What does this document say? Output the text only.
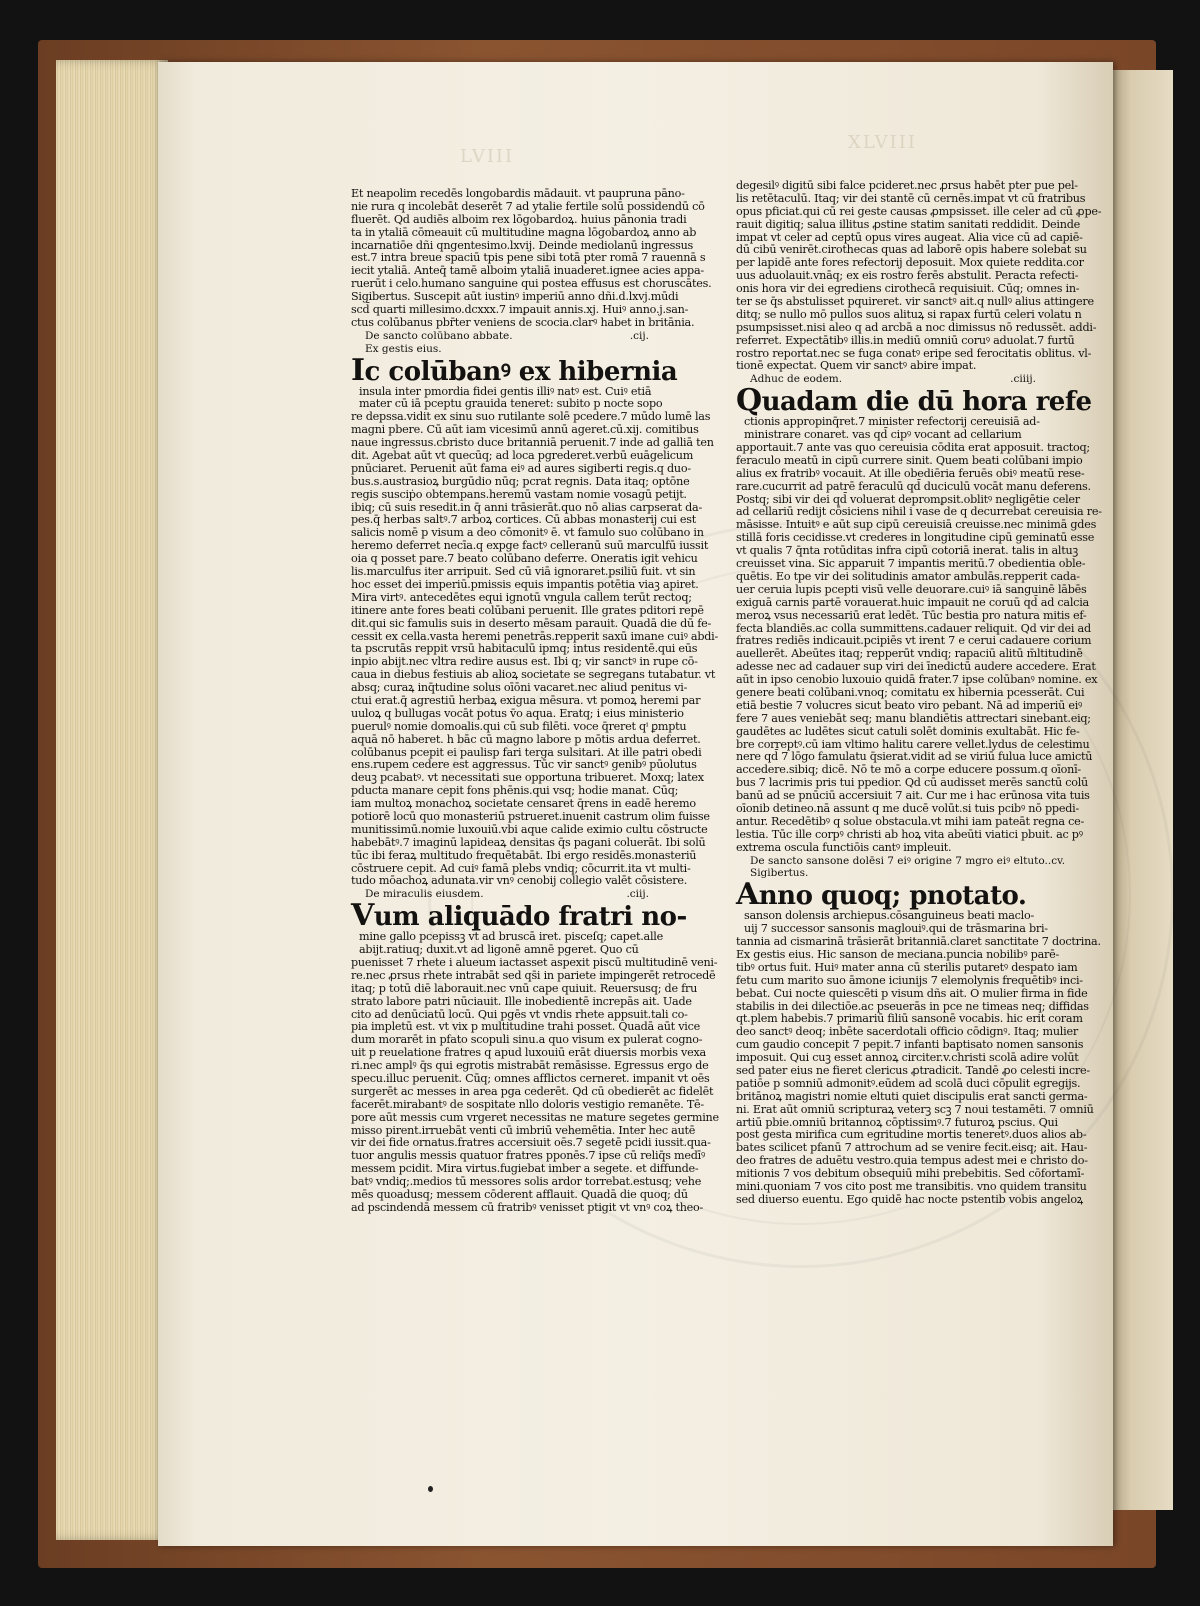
LVIII
XLVIII
Et neapolim recedēs longobardis mādauit. vt paupruna pāno-
nie rura q incolebāt deserēt 7 ad ytalie fertile solū possidendū cō
fluerēt. Qd audiēs alboim rex lōgobardoꝝ. huius pānonia tradi
ta in ytaliā cōmeauit cū multitudine magna lōgobardoꝝ anno ab
incarnatiōe dñi qngentesimo.lxvij. Deinde mediolanū ingressus
est.7 intra breue spaciū tpis pene sibi totā pter romā 7 rauennā s
iecit ytaliā. Anteq̄ tamē alboim ytaliā inuaderet.ignee acies appa-
ruerūt i celo.humano sanguine qui postea effusus est choruscātes.
Sigibertus. Suscepit aūt iustinꝰ imperiū anno dñi.d.lxvj.mūdi
scd̄ quarti millesimo.dcxxx.7 imꝑauit annis.xj. Huiꝰ anno.j.san-
ctus colūbanus pbr̄ter veniens de scocia.clarꝰ habet in britānia.
De sancto colūbano abbate.	.cij.
Ex gestis eius.
Ic colūbanꝰ ex hibernia
insula inter pmordia fidei gentis illiꝰ natꝰ est. Cuiꝰ etiā
mater cū iā pceptu grauida teneret: subito p nocte sopo
re depssa.vidit ex sinu suo rutilante solē pcedere.7 mūdo lumē las
magni pbere. Cū aūt iam vicesimū annū ageret.cū.xij. comitibus
naue ingressus.cbristo duce britanniā peruenit.7 inde ad galliā ten
dit. Agebat aūt vt quecūq; ad loca pgrederet.verbū euāgelicum
pnūciaret. Peruenit aūt fama eiꝰ ad aures sigiberti regis.q duo-
bus.s.austrasioꝝ burgūdio nūq; pcrat regnis. Data itaq; optōne
regis susciṗo obtempans.heremū vastam nomie vosagū petijt.
ibiq; cū suis resedit.in q̄ anni trāsierāt.quo nō alias carpserat da-
pes.q̄ herbas saltꝰ.7 arboꝝ cortices. Cū abbas monasterij cui est
salicis nomē p visum a deo cōmonitꝰ ē. vt famulo suo colūbano in
heremo deferret necīa.q expge factꝰ celleranū suū marculfū iussit
oia q posset pare.7 beato colūbano deferre. Oneratis igit vehicu
lis.marculfus iter arripuit. Sed cū viā ignoraret.psiliū fuit. vt sin
hoc esset dei imperiū.pmissis equis impantis potētia viaꝫ apiret.
Mira virtꝰ. antecedētes equi ignotū vngula callem terūt rectoq;
itinere ante fores beati colūbani peruenit. Ille grates pditori repē
dit.qui sic famulis suis in deserto mēsam parauit. Quadā die dū fe-
cessit ex cella.vasta heremi penetrās.repperit saxū imane cuiꝰ abdi-
ta pscrutās reppit vrsū habitaculū ipmq; intus residentē.qui eūs
inpio abijt.nec vltra redire ausus est. Ibi q; vir sanctꝰ in rupe cō-
caua in diebus festiuis ab alioꝝ societate se segregans tutabatur. vt
absq; curaꝝ inq̄tudine solus oīōni vacaret.nec aliud penitus vi-
ctui erat.q̄ agrestiū herbaꝝ exigua mēsura. vt pomoꝝ heremi par
uuloꝝ q bullugas vocāt potus v̄o aqua. Eratq; i eius ministerio
puerulꝰ nomie domoalis.qui cū sub filēti. voce q̄reret qⁱ ꝑmptu
aquā nō haberet. h bāc cū magno labore p mōtis ardua deferret.
colūbanus pcepit ei paulisp fari terga sulsitari. At ille patri obedi
ens.rupem cedere est aggressus. Tūc vir sanctꝰ genibꝰ pūolutus
deuꝫ pcabatꝰ. vt necessitati sue opportuna tribueret. Moxq; latex
pducta manare cepit fons phēnis.qui vsq; hodie manat. Cūq;
iam multoꝝ monachoꝝ societate censaret q̄rens in eadē heremo
potiorē locū quo monasteriū pstrueret.inuenit castrum olim fuisse
munitissimū.nomie luxouiū.vbi aque calide eximio cultu cōstructe
habebātꝰ.7 imaginū lapideaꝝ densitas q̄s pagani coluerāt. Ibi solū
tūc ibi feraꝝ multitudo frequētabāt. Ibi ergo residēs.monasteriū
cōstruere cepit. Ad cuiꝰ famā plebs vndiq; cōcurrit.ita vt multi-
tudo mōachoꝝ adunata.vir vnꝰ cenobij collegio valēt cōsistere.
De miraculis eiusdem.	.ciij.
Vum aliquādo fratri no-
mine gallo pcepissꝫ vt ad bruscā iret. pisceſq; capet.alle
abijt.ratiuq; duxit.vt ad ligonē amnē pgeret. Quo cū
puenisset 7 rhete i alueum iactasset aspexit piscū multitudinē veni-
re.nec ꝓrsus rhete intrabāt sed qs̄i in pariete impingerēt retrocedē
itaq; p totū diē laborauit.nec vnū cape quiuit. Reuersusq; de fru
strato labore patri nūciauit. Ille inobedientē increpās ait. Uade
cito ad denūciatū locū. Qui pgēs vt vndis rhete appsuit.tali co-
pia impletū est. vt vix p multitudine trahi posset. Quadā aūt vice
dum morarēt in pfato scopuli sinu.a quo visum ex pulerat cogno-
uit p reuelatione fratres q apud luxouiū erāt diuersis morbis vexa
ri.nec amplꝰ q̄s qui egrotis mistrabāt remāsisse. Egressus ergo de
specu.illuc peruenit. Cūq; omnes afflictos cerneret. impanit vt oēs
surgerēt ac messes in area pga cederēt. Qd cū obedierēt ac fidelēt
facerēt.mirabantꝰ de sospitate nllo doloris vestigio remanēte. Tē-
pore aūt messis cum vrgeret necessitas ne mature segetes germine
misso pirent.irruebāt venti cū imbriū vehemētia. Inter hec autē
vir dei fide ornatus.fratres accersiuit oēs.7 segetē pcidi iussit.qua-
tuor angulis messis quatuor fratres pponēs.7 ipse cū reliq̄s medīꝰ
messem pcidit. Mira virtus.fugiebat imber a segete. et diffunde-
batꝰ vndiq;.medios tū messores solis ardor torrebat.estusq; vehe
mēs quoadusq; messem cōderent afflauit. Quadā die quoq; dū
ad pscindendā messem cū fratribꝰ venisset ptigit vt vnꝰ coꝝ theo-
degesilꝰ digitū sibi falce pcideret.nec ꝓrsus habēt pter pue pel-
lis retētaculū. Itaq; vir dei stantē cū cernēs.impat vt cū fratribus
opus pficiat.qui cū rei geste causas ꝓmpsisset. ille celer ad cū ꝓpe-
rauit digitiq; salua illitus ꝓstine statim sanitati reddidit. Deinde
impat vt celer ad ceptū opus vires augeat. Alia vice cū ad capiē-
dū cibū venirēt.cirothecas quas ad laborē opis habere solebat su
per lapidē ante fores refectorij deposuit. Mox quiete reddita.cor
uus aduolauit.vnāq; ex eis rostro ferēs abstulit. Peracta refecti-
onis hora vir dei egrediens cirothecā requisiuit. Cūq; omnes in-
ter se q̄s abstulisset pquireret. vir sanctꝰ ait.q nullꝰ alius attingere
ditq; se nullo mō pullos suos alituꝝ si rapax furtū celeri volatu n
psumpsisset.nisi aleo q ad arcbā a noc dimissus nō redussēt. addi-
referret. Expectātibꝰ illis.in mediū omniū coruꝰ aduolat.7 furtū
rostro reportat.nec se fuga conatꝰ eripe sed ferocitatis oblitus. vl-
tionē expectat. Quem vir sanctꝰ abire impat.
Adhuc de eodem.	.ciiij.
Quadam die dū hora refe
ctionis appropinq̄ret.7 minister refectorij cereuisiā ad-
ministrare conaret. vas qd̄ cipꝰ vocant ad cellarium
apportauit.7 ante vas quo cereuisia cōdita erat apposuit. tractoq;
feraculo meatū in cipū currere sinit. Quem beati colūbani impio
alius ex fratribꝰ vocauit. At ille obediēria feruēs obiꝰ meatū rese-
rare.cucurrit ad patrē feraculū qd̄ duciculū vocāt manu deferens.
Postq; sibi vir dei qd̄ voluerat depromꝑsit.oblitꝰ negligētie celer
ad cellariū redijt cōsiciens nihil i vase de q decurrebat cereuisia re-
māsisse. Intuitꝰ e aūt sup cipū cereuisiā creuisse.nec minimā gdes
stillā foris cecidisse.vt crederes in longitudine cipū geminatū esse
vt qualis 7 q̄nta rotūditas infra cipū cotoriā inerat. talis in altuꝫ
creuisset vina. Sic apparuit 7 impantis meritū.7 obedientia oble-
quētis. Eo tpe vir dei solitudinis amator ambulās.repperit cada-
uer ceruia lupis pcepti visū velle deuorare.cuiꝰ iā sanguinē lābēs
exiguā carnis partē vorauerat.huic impauit ne coruū qd̄ ad calcia
meroꝝ vsus necessariū erat ledēt. Tūc bestia pro natura mitis ef-
fecta blandiēs.ac colla summittens.cadauer reliquit. Qd vir dei ad
fratres rediēs indicauit.pcipiēs vt irent 7 e cerui cadauere corium
auellerēt. Abeūtes itaq; repperūt vndiq; rapaciū alitū m̄ltitudinē
adesse nec ad cadauer sup viri dei īnedictū audere accedere. Erat
aūt in ipso cenobio luxouio quidā frater.7 ipse colūbanꝰ nomine. ex
genere beati colūbani.vnoq; comitatu ex hibernia pcesserāt. Cui
etiā bestie 7 volucres sicut beato viro pebant. Nā ad imperiū eiꝰ
fere 7 aues veniebāt seq; manu blandiētis attrectari sinebant.eiq;
gaudētes ac ludētes sicut catuli solēt dominis exultabāt. Hic fe-
bre correptꝰ.cū iam vltimo halitu carere vellet.lydus de celestimu
nere qd̄ 7 lōgo famulatu q̄sierat.vidit ad se viriū fulua luce amictū
accedere.sibiq; dicē. Nō te mō a corpe educere possum.q oīonī-
bus 7 lacrimis pris tui ppedior. Qd cū audisset merēs sanctū colū
banū ad se pnūciū accersiuit 7 ait. Cur me i hac erūnosa vita tuis
oīonib detineo.nā assunt q me ducē volūt.si tuis pcibꝰ nō ppedi-
antur. Recedētibꝰ q solue obstacula.vt mihi iam pateāt regna ce-
lestia. Tūc ille corpꝰ christi ab hoꝝ vita abeūti viatici pbuit. ac pꝰ
extrema oscula functiōis cantꝰ impleuit.
De sancto sansone dolēsi 7 eiꝰ origine 7 mgro eiꝰ eltuto. .cv.
Sigibertus.
Anno quoq; pnotato.
sanson dolensis archiepus.cōsanguineus beati maclo-
uij 7 successor sansonis maglouiꝰ.qui de trāsmarina bri-
tannia ad cismarinā trāsierāt britanniā.claret sanctitate 7 doctrina.
Ex gestis eius. Hic sanson de meciana.puncia nobilibꝰ parē-
tibꝰ ortus fuit. Huiꝰ mater anna cū sterilis putaretꝰ despato iam
fetu cum marito suo āmone iciunijs 7 elemolynis frequētibꝰ inci-
bebat. Cui nocte quiescēti p visum dñs ait. O mulier firma in fide
stabilis in dei dilectiōe.ac pseuerās in pce ne timeas neq; diffidas
qt.plem habebis.7 primariū filiū sansonē vocabis. hic erit coram
deo sanctꝰ deoq; inbēte sacerdotali officio cōdignꝰ. Itaq; mulier
cum gaudio concepit 7 pepit.7 infanti baptisato nomen sansonis
imposuit. Qui cuꝫ esset annoꝝ circiter.v.christi scolā adire volūt
sed pater eius ne fieret clericus ꝓtradicit. Tandē ꝓo celesti incre-
patiōe p somniū admonitꝰ.eūdem ad scolā duci cōpulit egregijs.
britānoꝝ magistri nomie eltuti quiet discipulis erat sancti germa-
ni. Erat aūt omniū scripturaꝝ veterꝫ scꝫ 7 noui testamēti. 7 omniū
artiū pbie.omniū britannoꝝ cōptissimꝰ.7 futuroꝝ pscius. Qui
post gesta mirifica cum egritudine mortis teneretꝰ.duos alios ab-
bates scilicet pfanū 7 attrochum ad se venire fecit.eisq; ait. Hau-
deo fratres de aduētu vestro.quia tempus adest mei e christo do-
mitionis 7 vos debitum obsequiū mihi prebebitis. Sed cōfortamī-
mini.quoniam 7 vos cito post me transibitis. vno quidem transitu
sed diuerso euentu. Ego quidē hac nocte pstentib vobis angeloꝝ
